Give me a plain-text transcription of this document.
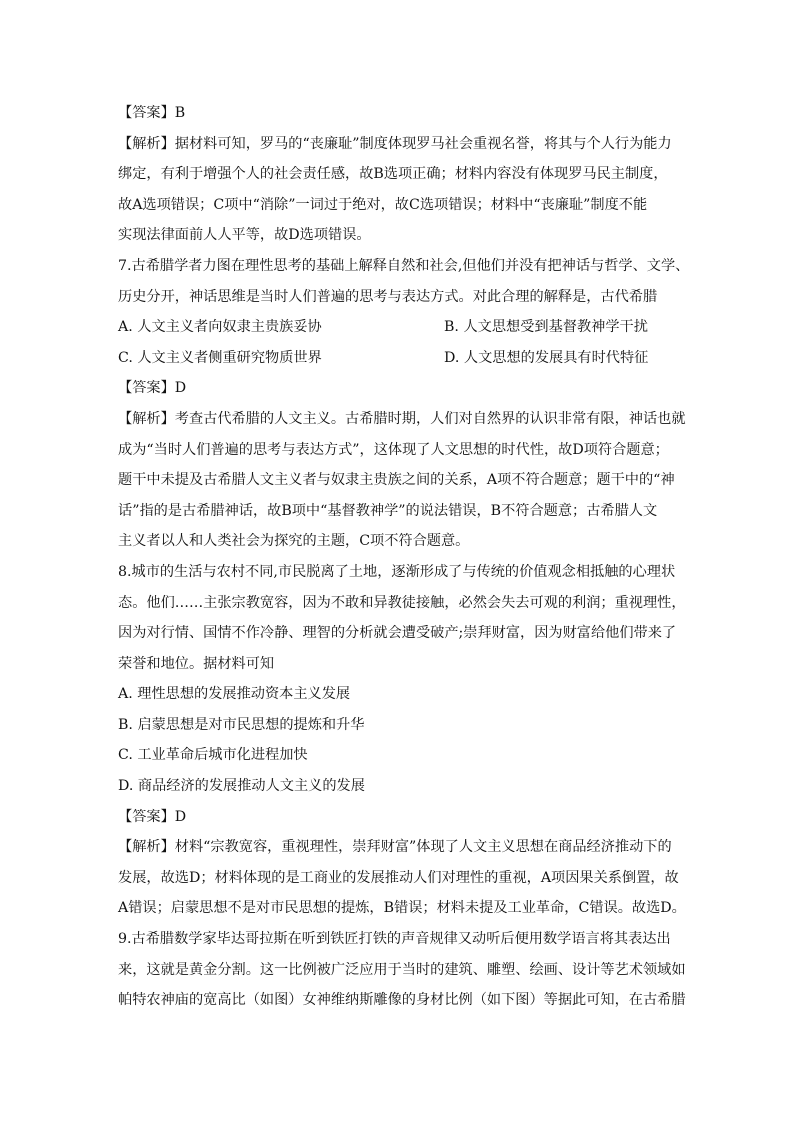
【答案】B
【解析】据材料可知，罗马的“丧廉耻”制度体现罗马社会重视名誉，将其与个人行为能力
绑定，有利于增强个人的社会责任感，故B选项正确；材料内容没有体现罗马民主制度，
故A选项错误；C项中“消除”一词过于绝对，故C选项错误；材料中“丧廉耻”制度不能
实现法律面前人人平等，故D选项错误。
7.古希腊学者力图在理性思考的基础上解释自然和社会,但他们并没有把神话与哲学、文学、
历史分开，神话思维是当时人们普遍的思考与表达方式。对此合理的解释是，古代希腊
A. 人文主义者向奴隶主贵族妥协	B. 人文思想受到基督教神学干扰
C. 人文主义者侧重研究物质世界	D. 人文思想的发展具有时代特征
【答案】D
【解析】考查古代希腊的人文主义。古希腊时期，人们对自然界的认识非常有限，神话也就
成为“当时人们普遍的思考与表达方式”，这体现了人文思想的时代性，故D项符合题意；
题干中未提及古希腊人文主义者与奴隶主贵族之间的关系，A项不符合题意；题干中的“神
话”指的是古希腊神话，故B项中“基督教神学”的说法错误，B不符合题意；古希腊人文
主义者以人和人类社会为探究的主题，C项不符合题意。
8.城市的生活与农村不同,市民脱离了土地，逐渐形成了与传统的价值观念相抵触的心理状
态。他们……主张宗教宽容，因为不敢和异教徒接触，必然会失去可观的利润；重视理性，
因为对行情、国情不作冷静、理智的分析就会遭受破产;崇拜财富，因为财富给他们带来了
荣誉和地位。据材料可知
A. 理性思想的发展推动资本主义发展
B. 启蒙思想是对市民思想的提炼和升华
C. 工业革命后城市化进程加快
D. 商品经济的发展推动人文主义的发展
【答案】D
【解析】材料“宗教宽容，重视理性，崇拜财富”体现了人文主义思想在商品经济推动下的
发展，故选D；材料体现的是工商业的发展推动人们对理性的重视，A项因果关系倒置，故
A错误；启蒙思想不是对市民思想的提炼，B错误；材料未提及工业革命，C错误。故选D。
9.古希腊数学家毕达哥拉斯在听到铁匠打铁的声音规律又动听后便用数学语言将其表达出
来，这就是黄金分割。这一比例被广泛应用于当时的建筑、雕塑、绘画、设计等艺术领域如
帕特农神庙的宽高比（如图）女神维纳斯雕像的身材比例（如下图）等据此可知，在古希腊
